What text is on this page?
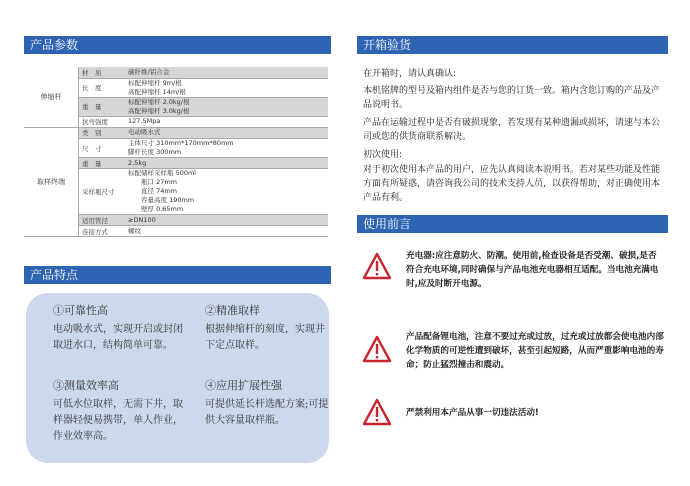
产品参数
伸缩杆	材　质	碳纤维/铝合金

	长　度	标配伸缩杆 9m/根
高配伸缩杆 14m/根

	重　量	标配伸缩杆 2.0kg/根
高配伸缩杆 3.0kg/根

	抗弯强度	127.5Mpa

取样终端	类　别	电动吸水式

	尺　寸	主体尺寸 310mm*170mm*80mm
脚杆长度 300mm

	重　量	2.5kg

	采样瓶尺寸	标配储样采样瓶 500ml
　　瓶口 27mm
　　直径 74mm
　　容量高度 190mm
　　壁厚 0.65mm

	适用管径	≥DN100

	连接方式	螺纹
产品特点
①可靠性高
电动吸水式，实现开启或封闭取进水口，结构简单可靠。
②精准取样
根据伸缩杆的刻度，实现井下定点取样。
③测量效率高
可低水位取样，无需下井，取样器轻便易携带，单人作业，作业效率高。
④应用扩展性强
可提供延长杆选配方案;可提供大容量取样瓶。
开箱验货
在开箱时，请认真确认:
本机铭牌的型号及箱内组件是否与您的订货一致。箱内含您订购的产品及产品说明书。
产品在运输过程中是否有破损现象，若发现有某种遗漏或损坏，请速与本公司或您的供货商联系解决。
初次使用:
对于初次使用本产品的用户，应先认真阅读本说明书。若对某些功能及性能方面有所疑惑，请咨询我公司的技术支持人员，以获得帮助，对正确使用本产品有利。
使用前言
充电器:应注意防火、防潮。使用前,检查设备是否受潮、破损,是否符合充电环境,同时确保与产品电池充电器相互适配。当电池充满电时,应及时断开电源。
产品配备锂电池，注意不要过充或过放，过充或过放都会使电池内部化学物质的可逆性遭到破坏，甚至引起短路，从而严重影响电池的寿命；防止猛烈撞击和震动。
严禁利用本产品从事一切违法活动!
